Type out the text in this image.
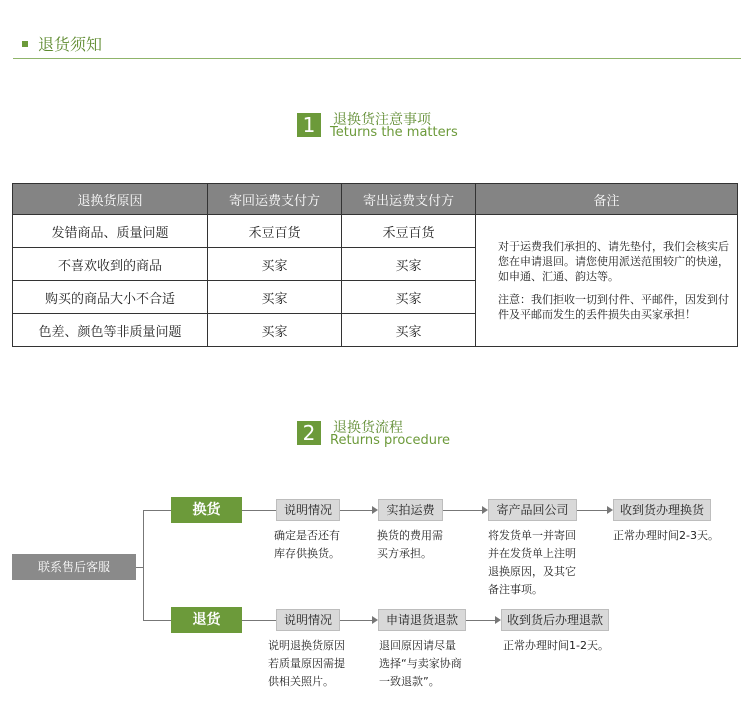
退货须知
1	退换货注意事项
Teturns the matters
退换货原因	寄回运费支付方	寄出运费支付方	备注
发错商品、质量问题	禾豆百货	禾豆百货	对于运费我们承担的、请先垫付，我们会核实后您在申请退回。请您使用派送范围较广的快递，如申通、汇通、韵达等。

注意：我们拒收一切到付件、平邮件，因发到付件及平邮而发生的丢件损失由买家承担！

不喜欢收到的商品	买家	买家	
购买的商品大小不合适	买家	买家	
色差、颜色等非质量问题	买家	买家	
2	退换货流程
Returns procedure
联系售后客服
换货	说明情况	实拍运费	寄产品回公司	收到货办理换货
确定是否还有库存供换货。
换货的费用需买方承担。
将发货单一并寄回并在发货单上注明退换原因，及其它备注事项。
正常办理时间2-3天。
退货	说明情况	申请退货退款	收到货后办理退款
说明退换货原因若质量原因需提供相关照片。
退回原因请尽量选择“与卖家协商一致退款”。
正常办理时间1-2天。
